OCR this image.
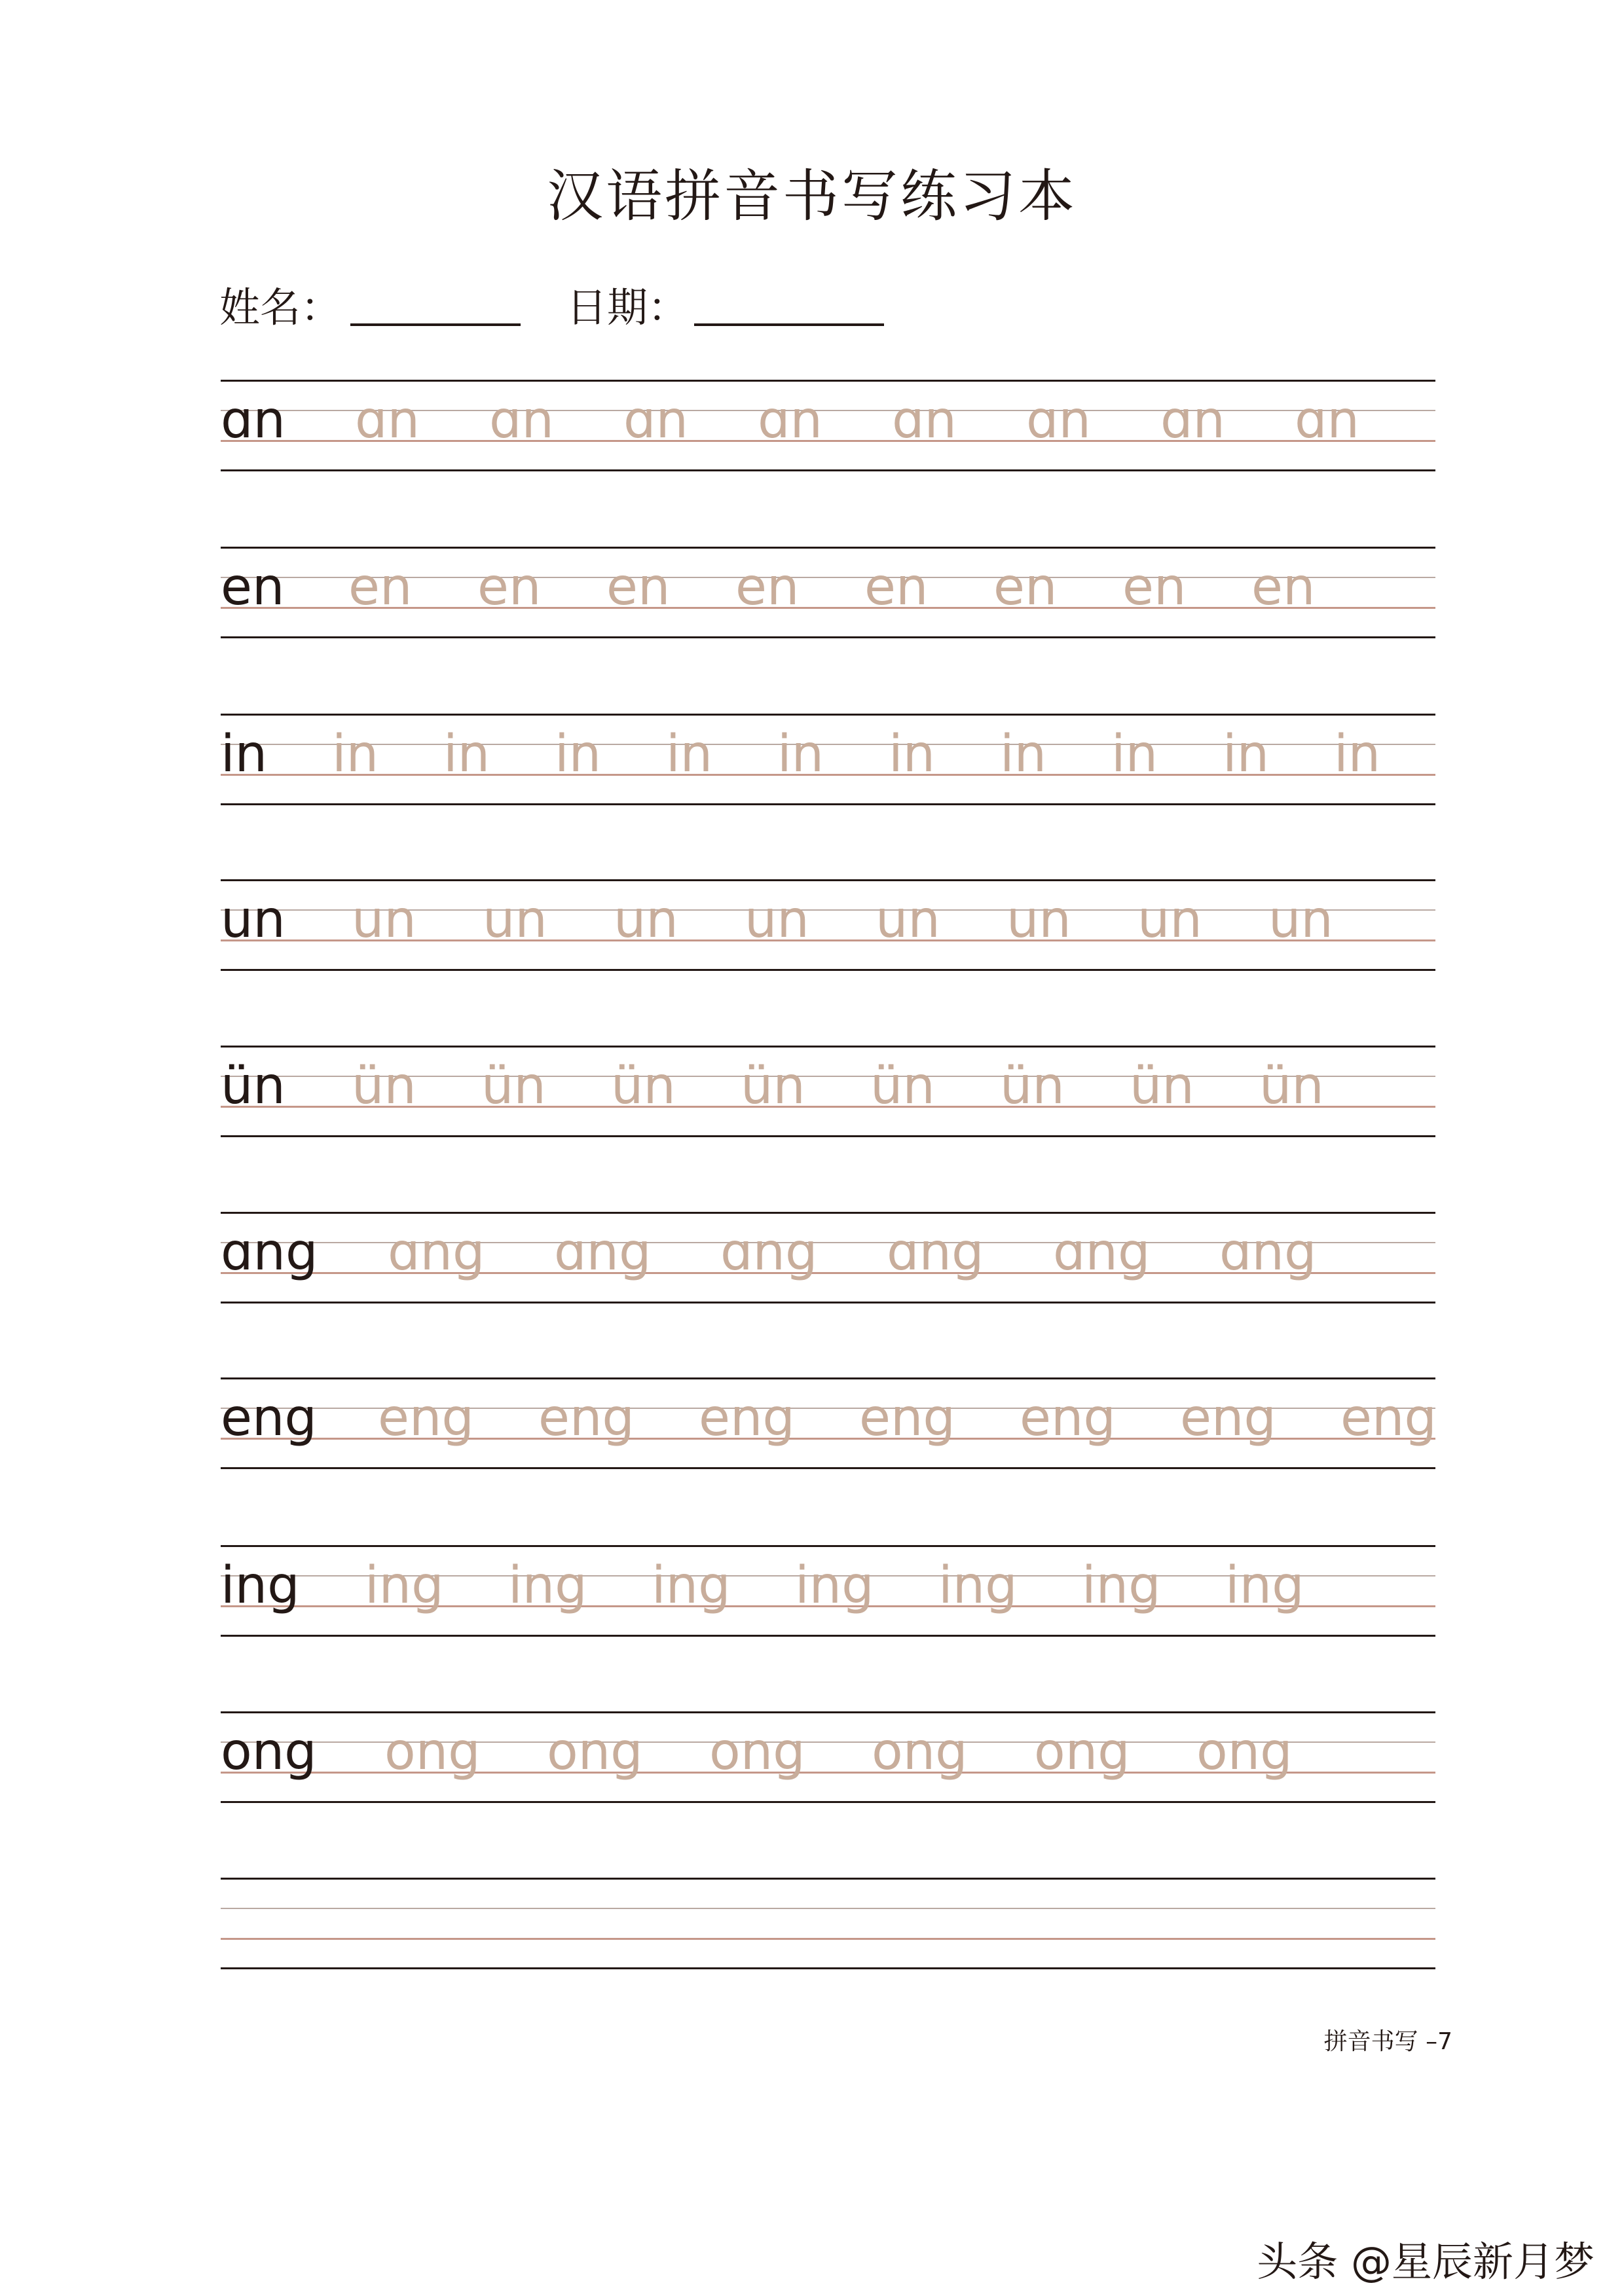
汉语拼音书写练习本
姓名：	日期：
ɑn ɑn ɑn ɑn ɑn ɑn ɑn ɑn ɑn
en en en en en en en en en
in in in in in in in in in in in
un un un un un un un un un
ün ün ün ün ün ün ün ün ün
ɑng ɑng ɑng ɑng ɑng ɑng ɑng
eng eng eng eng eng eng eng eng
ing ing ing ing ing ing ing ing
ong ong ong ong ong ong ong
拼音书写 –7
头条 @星辰新月梦
